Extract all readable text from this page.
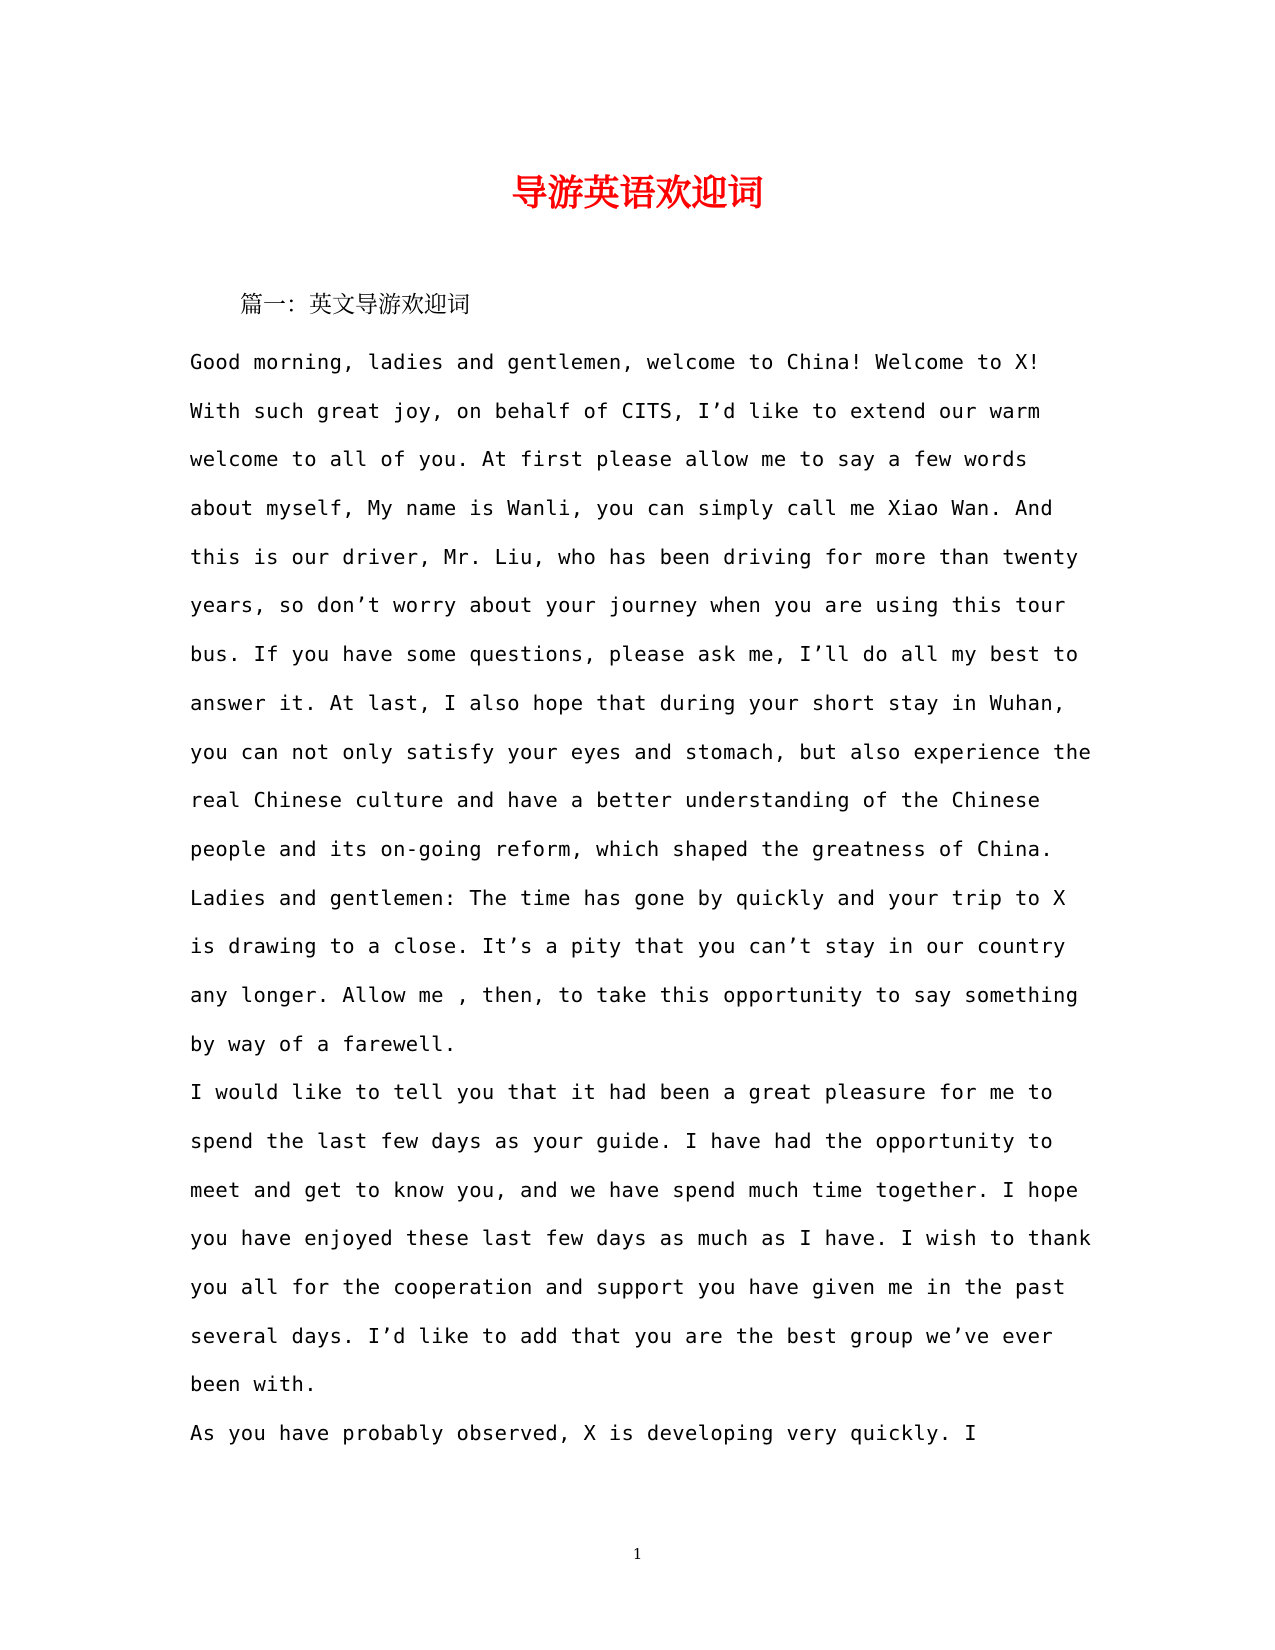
导游英语欢迎词
篇一：英文导游欢迎词
Good morning, ladies and gentlemen, welcome to China! Welcome to X!
With such great joy, on behalf of CITS, I’d like to extend our warm
welcome to all of you. At first please allow me to say a few words
about myself, My name is Wanli, you can simply call me Xiao Wan. And
this is our driver, Mr. Liu, who has been driving for more than twenty
years, so don’t worry about your journey when you are using this tour
bus. If you have some questions, please ask me, I’ll do all my best to
answer it. At last, I also hope that during your short stay in Wuhan,
you can not only satisfy your eyes and stomach, but also experience the
real Chinese culture and have a better understanding of the Chinese
people and its on-going reform, which shaped the greatness of China.
Ladies and gentlemen: The time has gone by quickly and your trip to X
is drawing to a close. It’s a pity that you can’t stay in our country
any longer. Allow me , then, to take this opportunity to say something
by way of a farewell.
I would like to tell you that it had been a great pleasure for me to
spend the last few days as your guide. I have had the opportunity to
meet and get to know you, and we have spend much time together. I hope
you have enjoyed these last few days as much as I have. I wish to thank
you all for the cooperation and support you have given me in the past
several days. I’d like to add that you are the best group we’ve ever
been with.
As you have probably observed, X is developing very quickly. I
1
